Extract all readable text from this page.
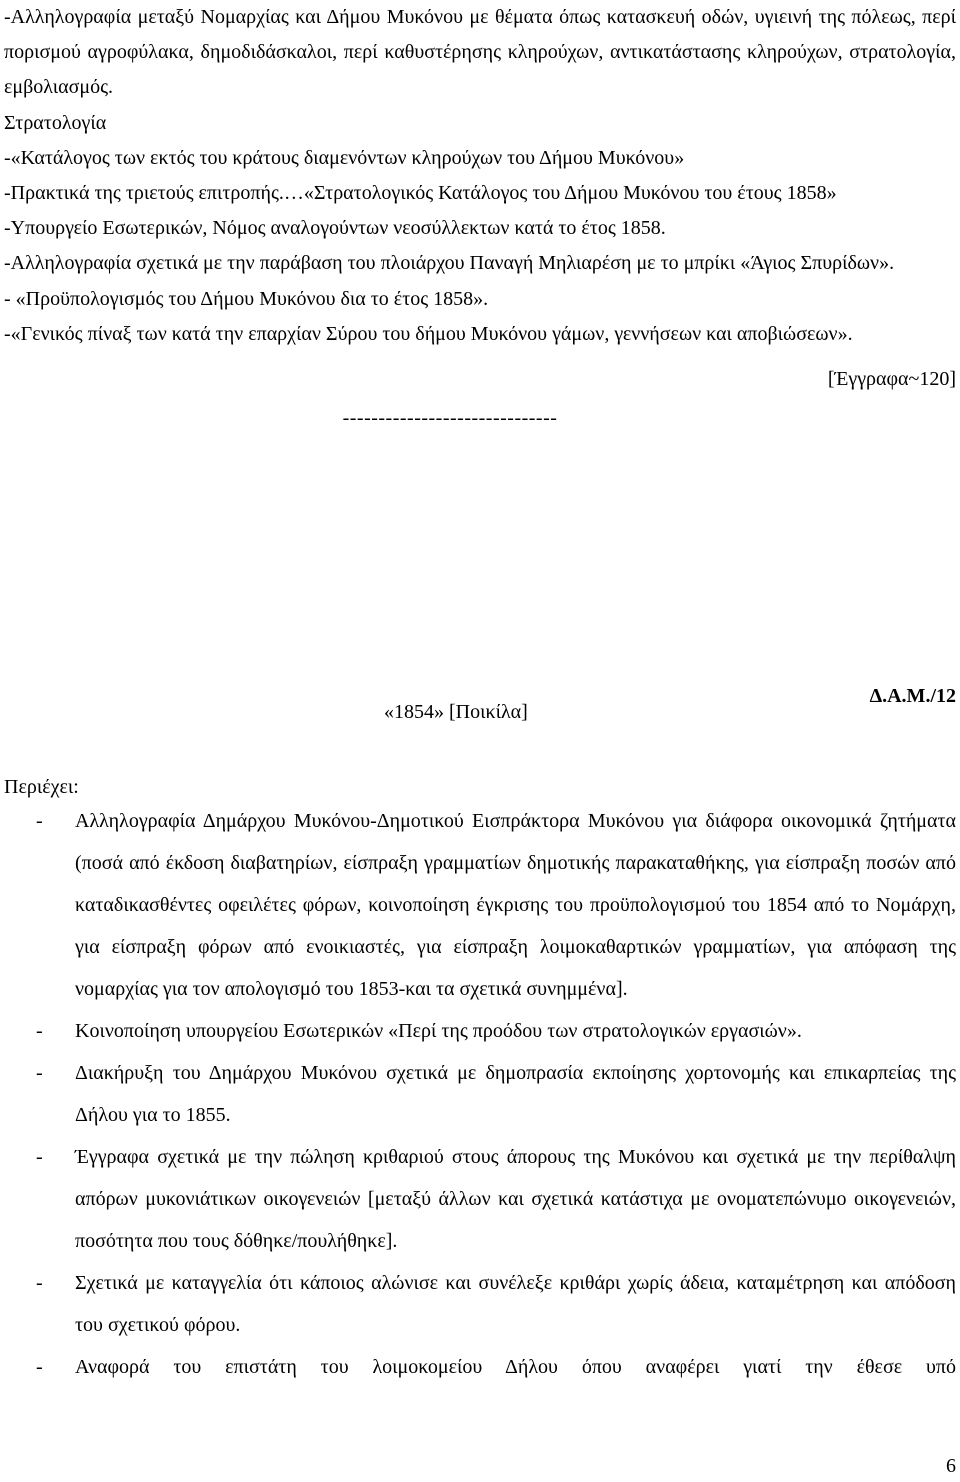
-Αλληλογραφία μεταξύ Νομαρχίας και Δήμου Μυκόνου με θέματα όπως κατασκευή οδών, υγιεινή της πόλεως, περί πορισμού αγροφύλακα, δημοδιδάσκαλοι, περί καθυστέρησης κληρούχων, αντικατάστασης κληρούχων, στρατολογία, εμβολιασμός.

Στρατολογία

-«Κατάλογος των εκτός του κράτους διαμενόντων κληρούχων του Δήμου Μυκόνου»

-Πρακτικά της τριετούς επιτροπής.…«Στρατολογικός Κατάλογος του Δήμου Μυκόνου του έτους 1858»

-Υπουργείο Εσωτερικών, Νόμος αναλογούντων νεοσύλλεκτων κατά το έτος 1858.

-Αλληλογραφία σχετικά με την παράβαση του πλοιάρχου Παναγή Μηλιαρέση με το μπρίκι «Άγιος Σπυρίδων».

- «Προϋπολογισμός του Δήμου Μυκόνου δια το έτος 1858».

-«Γενικός πίναξ των κατά την επαρχίαν Σύρου του δήμου Μυκόνου γάμων, γεννήσεων και αποβιώσεων».

[Έγγραφα~120]

------------------------------

«1854» [Ποικίλα]
Δ.Α.Μ./12
Περιέχει:
- Αλληλογραφία Δημάρχου Μυκόνου-Δημοτικού Εισπράκτορα Μυκόνου για διάφορα οικονομικά ζητήματα (ποσά από έκδοση διαβατηρίων, είσπραξη γραμματίων δημοτικής παρακαταθήκης, για είσπραξη ποσών από καταδικασθέντες οφειλέτες φόρων, κοινοποίηση έγκρισης του προϋπολογισμού του 1854 από το Νομάρχη, για είσπραξη φόρων από ενοικιαστές, για είσπραξη λοιμοκαθαρτικών γραμματίων, για απόφαση της νομαρχίας για τον απολογισμό του 1853-και τα σχετικά συνημμένα].
- Κοινοποίηση υπουργείου Εσωτερικών «Περί της προόδου των στρατολογικών εργασιών».
- Διακήρυξη του Δημάρχου Μυκόνου σχετικά με δημοπρασία εκποίησης χορτονομής και επικαρπείας της Δήλου για το 1855.
- Έγγραφα σχετικά με την πώληση κριθαριού στους άπορους της Μυκόνου και σχετικά με την περίθαλψη απόρων μυκονιάτικων οικογενειών [μεταξύ άλλων και σχετικά κατάστιχα με ονοματεπώνυμο οικογενειών, ποσότητα που τους δόθηκε/πουλήθηκε].
- Σχετικά με καταγγελία ότι κάποιος αλώνισε και συνέλεξε κριθάρι χωρίς άδεια, καταμέτρηση και απόδοση του σχετικού φόρου.
- Αναφορά του επιστάτη του λοιμοκομείου Δήλου όπου αναφέρει γιατί την έθεσε υπό
6
